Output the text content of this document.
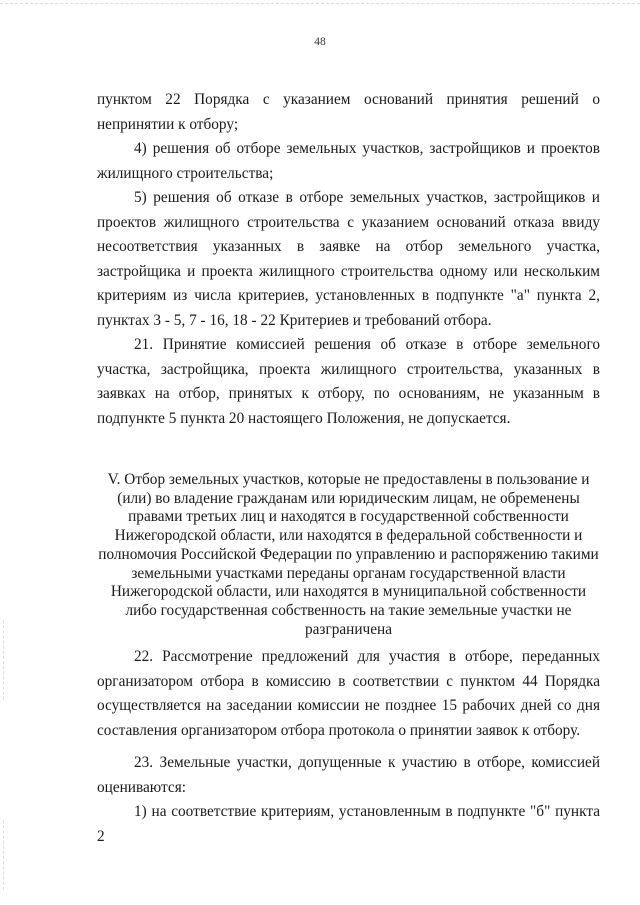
48

пунктом 22 Порядка с указанием оснований принятия решений о непринятии к отбору;

4) решения об отборе земельных участков, застройщиков и проектов жилищного строительства;

5) решения об отказе в отборе земельных участков, застройщиков и проектов жилищного строительства с указанием оснований отказа ввиду несоответствия указанных в заявке на отбор земельного участка, застройщика и проекта жилищного строительства одному или нескольким критериям из числа критериев, установленных в подпункте "а" пункта 2, пунктах 3 - 5, 7 - 16, 18 - 22 Критериев и требований отбора.

21. Принятие комиссией решения об отказе в отборе земельного участка, застройщика, проекта жилищного строительства, указанных в заявках на отбор, принятых к отбору, по основаниям, не указанным в подпункте 5 пункта 20 настоящего Положения, не допускается.

V. Отбор земельных участков, которые не предоставлены в пользование и (или) во владение гражданам или юридическим лицам, не обременены правами третьих лиц и находятся в государственной собственности Нижегородской области, или находятся в федеральной собственности и полномочия Российской Федерации по управлению и распоряжению такими земельными участками переданы органам государственной власти Нижегородской области, или находятся в муниципальной собственности либо государственная собственность на такие земельные участки не разграничена

22. Рассмотрение предложений для участия в отборе, переданных организатором отбора в комиссию в соответствии с пунктом 44 Порядка осуществляется на заседании комиссии не позднее 15 рабочих дней со дня составления организатором отбора протокола о принятии заявок к отбору.

23. Земельные участки, допущенные к участию в отборе, комиссией оцениваются:

1) на соответствие критериям, установленным в подпункте "б" пункта 2
